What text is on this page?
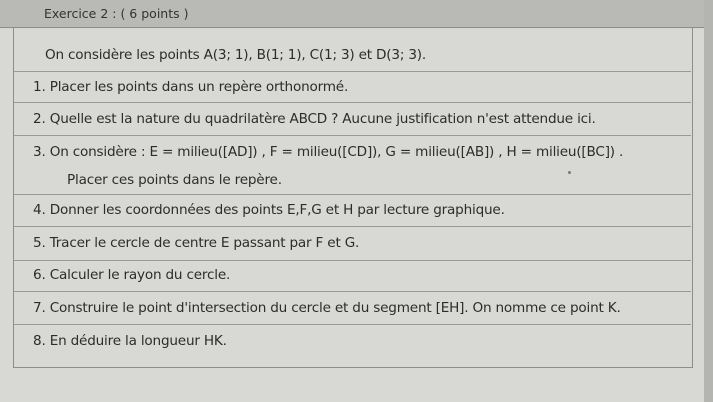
Exercice 2 : ( 6 points )
On considère les points A(3; 1), B(1; 1), C(1; 3) et D(3; 3).
1. Placer les points dans un repère orthonormé.
2. Quelle est la nature du quadrilatère ABCD ? Aucune justification n'est attendue ici.
3. On considère : E = milieu([AD]) , F = milieu([CD]), G = milieu([AB]) , H = milieu([BC]) .
Placer ces points dans le repère.
4. Donner les coordonnées des points E,F,G et H par lecture graphique.
5. Tracer le cercle de centre E passant par F et G.
6. Calculer le rayon du cercle.
7. Construire le point d'intersection du cercle et du segment [EH]. On nomme ce point K.
8. En déduire la longueur HK.
